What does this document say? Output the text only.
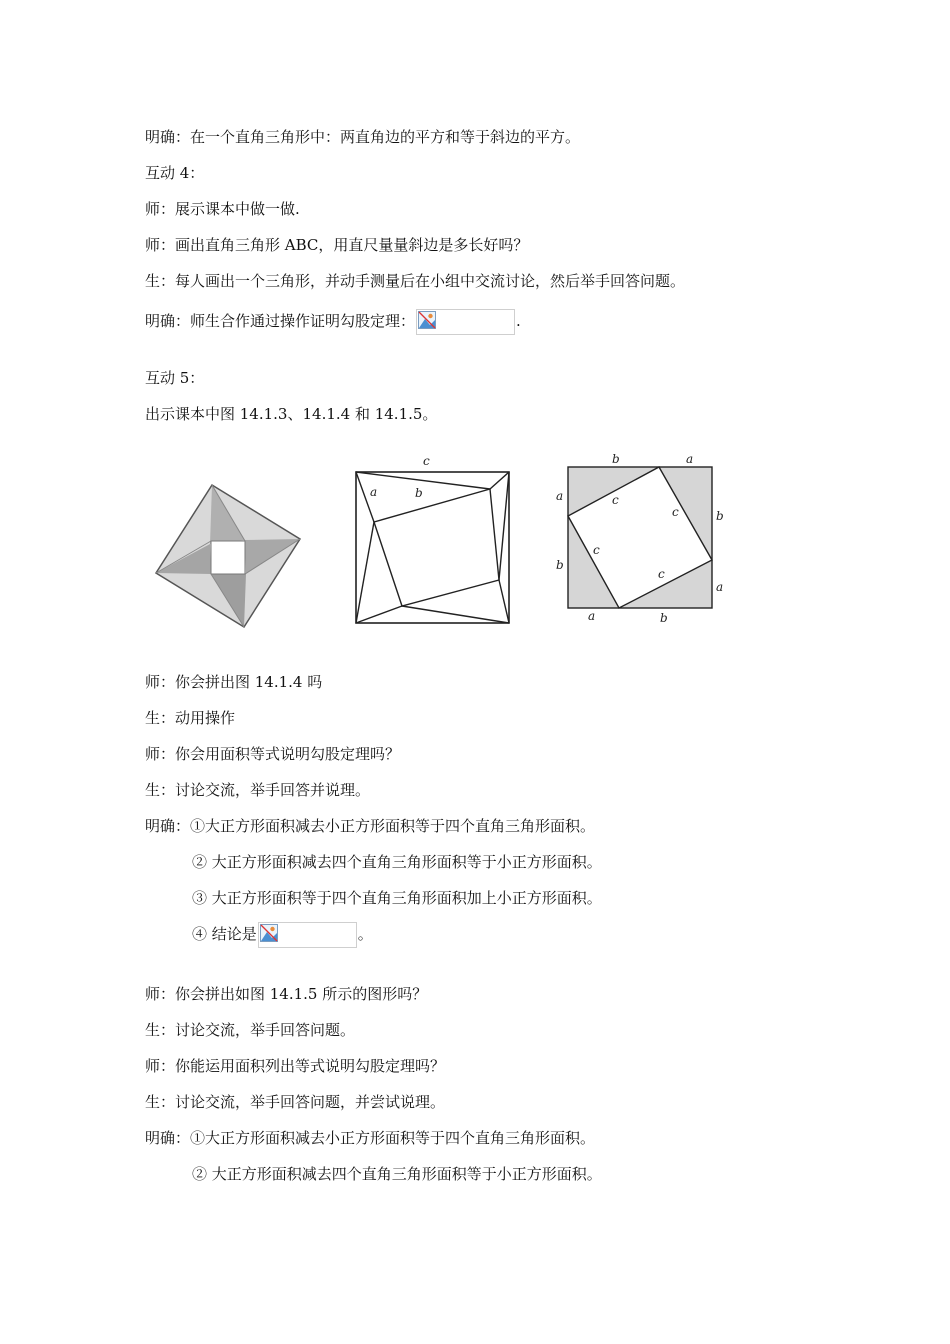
明确：在一个直角三角形中：两直角边的平方和等于斜边的平方。
互动 4：
师：展示课本中做一做.
师：画出直角三角形 ABC，用直尺量量斜边是多长好吗？
生：每人画出一个三角形，并动手测量后在小组中交流讨论，然后举手回答问题。
明确：师生合作通过操作证明勾股定理：	.
互动 5：
出示课本中图 14.1.3、14.1.4 和 14.1.5。
c
a	b
b	a
a
b
b
a
a	b
c
c
c
c
师：你会拼出图 14.1.4 吗
生：动用操作
师：你会用面积等式说明勾股定理吗？
生：讨论交流，举手回答并说理。
明确：①大正方形面积减去小正方形面积等于四个直角三角形面积。
② 大正方形面积减去四个直角三角形面积等于小正方形面积。
③ 大正方形面积等于四个直角三角形面积加上小正方形面积。
④ 结论是	。
师：你会拼出如图 14.1.5 所示的图形吗？
生：讨论交流，举手回答问题。
师：你能运用面积列出等式说明勾股定理吗？
生：讨论交流，举手回答问题，并尝试说理。
明确：①大正方形面积减去小正方形面积等于四个直角三角形面积。
② 大正方形面积减去四个直角三角形面积等于小正方形面积。
